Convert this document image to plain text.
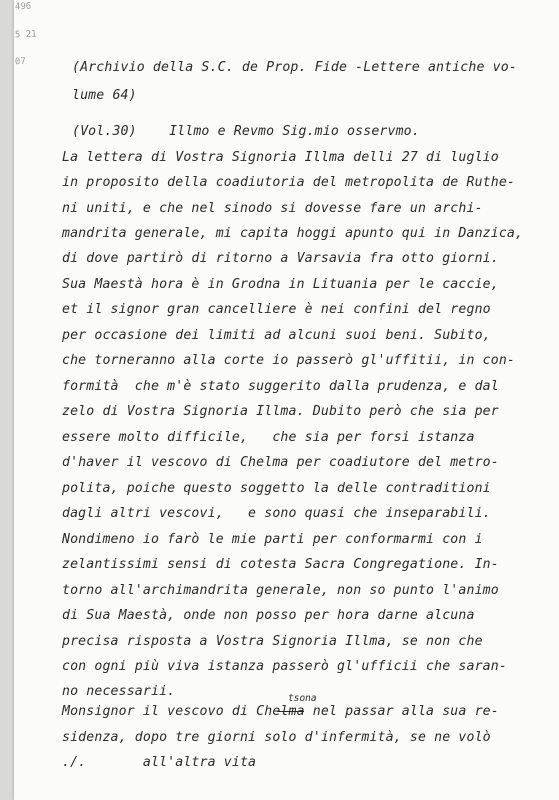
496
5 21
07	(Archivio della S.C. de Prop. Fide -Lettere antiche vo-

lume 64)

(Vol.30)    Illmo e Revmo Sig.mio osservmo.

La lettera di Vostra Signoria Illma delli 27 di luglio

in proposito della coadiutoria del metropolita de Ruthe-

ni uniti, e che nel sinodo si dovesse fare un archi-

mandrita generale, mi capita hoggi apunto qui in Danzica,

di dove partirò di ritorno a Varsavia fra otto giorni.

Sua Maestà hora è in Grodna in Lituania per le caccie,

et il signor gran cancelliere è nei confini del regno

per occasione dei limiti ad alcuni suoi beni. Subito,

che torneranno alla corte io passerò gl'uffitii, in con-

formità  che m'è stato suggerito dalla prudenza, e dal

zelo di Vostra Signoria Illma. Dubito però che sia per

essere molto difficile,   che sia per forsi istanza

d'haver il vescovo di Chelma per coadiutore del metro-

polita, poiche questo soggetto la delle contraditioni

dagli altri vescovi,   e sono quasi che inseparabili.

Nondimeno io farò le mie parti per conformarmi con i

zelantissimi sensi di cotesta Sacra Congregatione. In-

torno all'archimandrita generale, non so punto l'animo

di Sua Maestà, onde non posso per hora darne alcuna

precisa risposta a Vostra Signoria Illma, se non che

con ogni più viva istanza passerò gl'ufficii che saran-

no necessarii.	tsona

Monsignor il vescovo di Chelma nel passar alla sua re-

sidenza, dopo tre giorni solo d'infermità, se ne volò

./.       all'altra vita
